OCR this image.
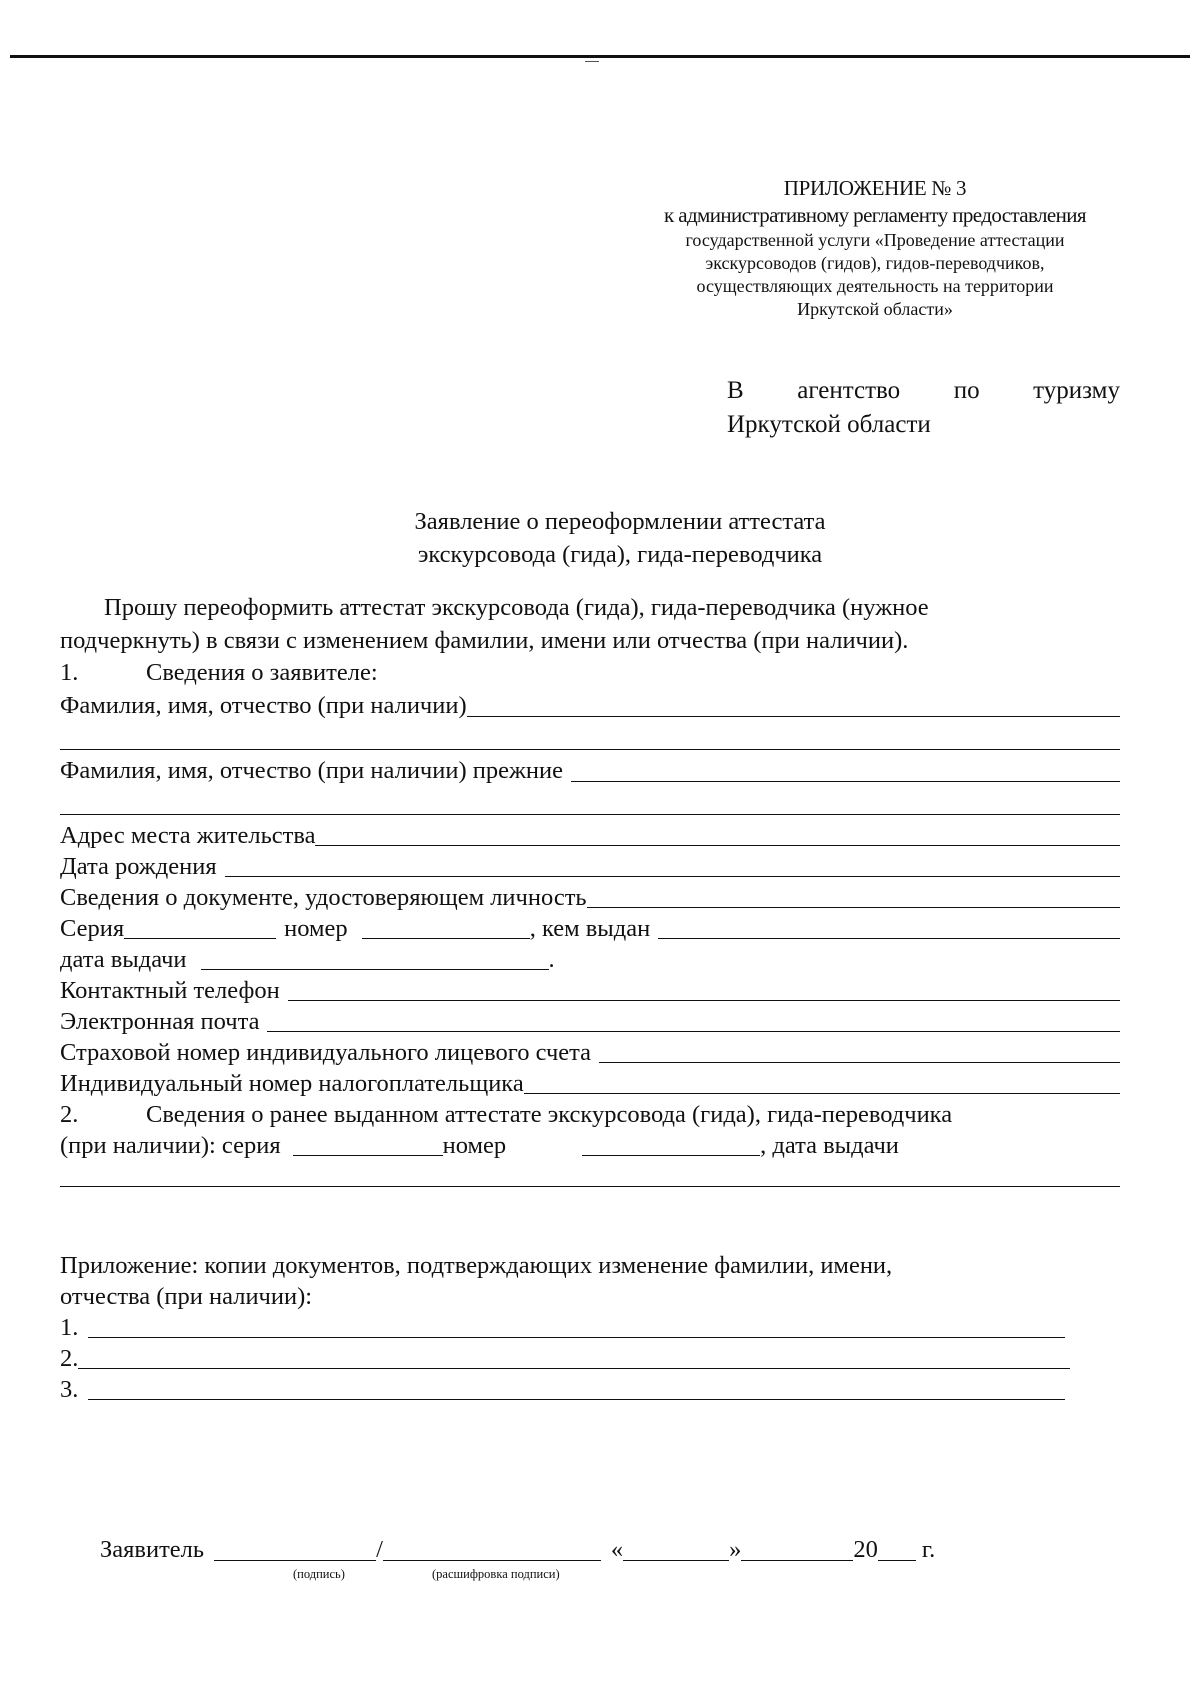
ПРИЛОЖЕНИЕ № 3
к административному регламенту предоставления
государственной услуги «Проведение аттестации
экскурсоводов (гидов), гидов-переводчиков,
осуществляющих деятельность на территории
Иркутской области»
В агентство по туризму
Иркутской области
Заявление о переоформлении аттестата
экскурсовода (гида), гида-переводчика
Прошу переоформить аттестат экскурсовода (гида), гида-переводчика (нужное
подчеркнуть) в связи с изменением фамилии, имени или отчества (при наличии).
1.	Сведения о заявителе:
Фамилия, имя, отчество (при наличии)
Фамилия, имя, отчество (при наличии) прежние
Адрес места жительства
Дата рождения
Сведения о документе, удостоверяющем личность
Серия	номер	, кем выдан
дата выдачи	.
Контактный телефон
Электронная почта
Страховой номер индивидуального лицевого счета
Индивидуальный номер налогоплательщика
2.	Сведения о ранее выданном аттестате экскурсовода (гида), гида-переводчика
(при наличии): серия	номер	, дата выдачи
Приложение: копии документов, подтверждающих изменение фамилии, имени,
отчества (при наличии):
1.
2.
3.
Заявитель	/	«	»	20 г.
(подпись)	(расшифровка подписи)
